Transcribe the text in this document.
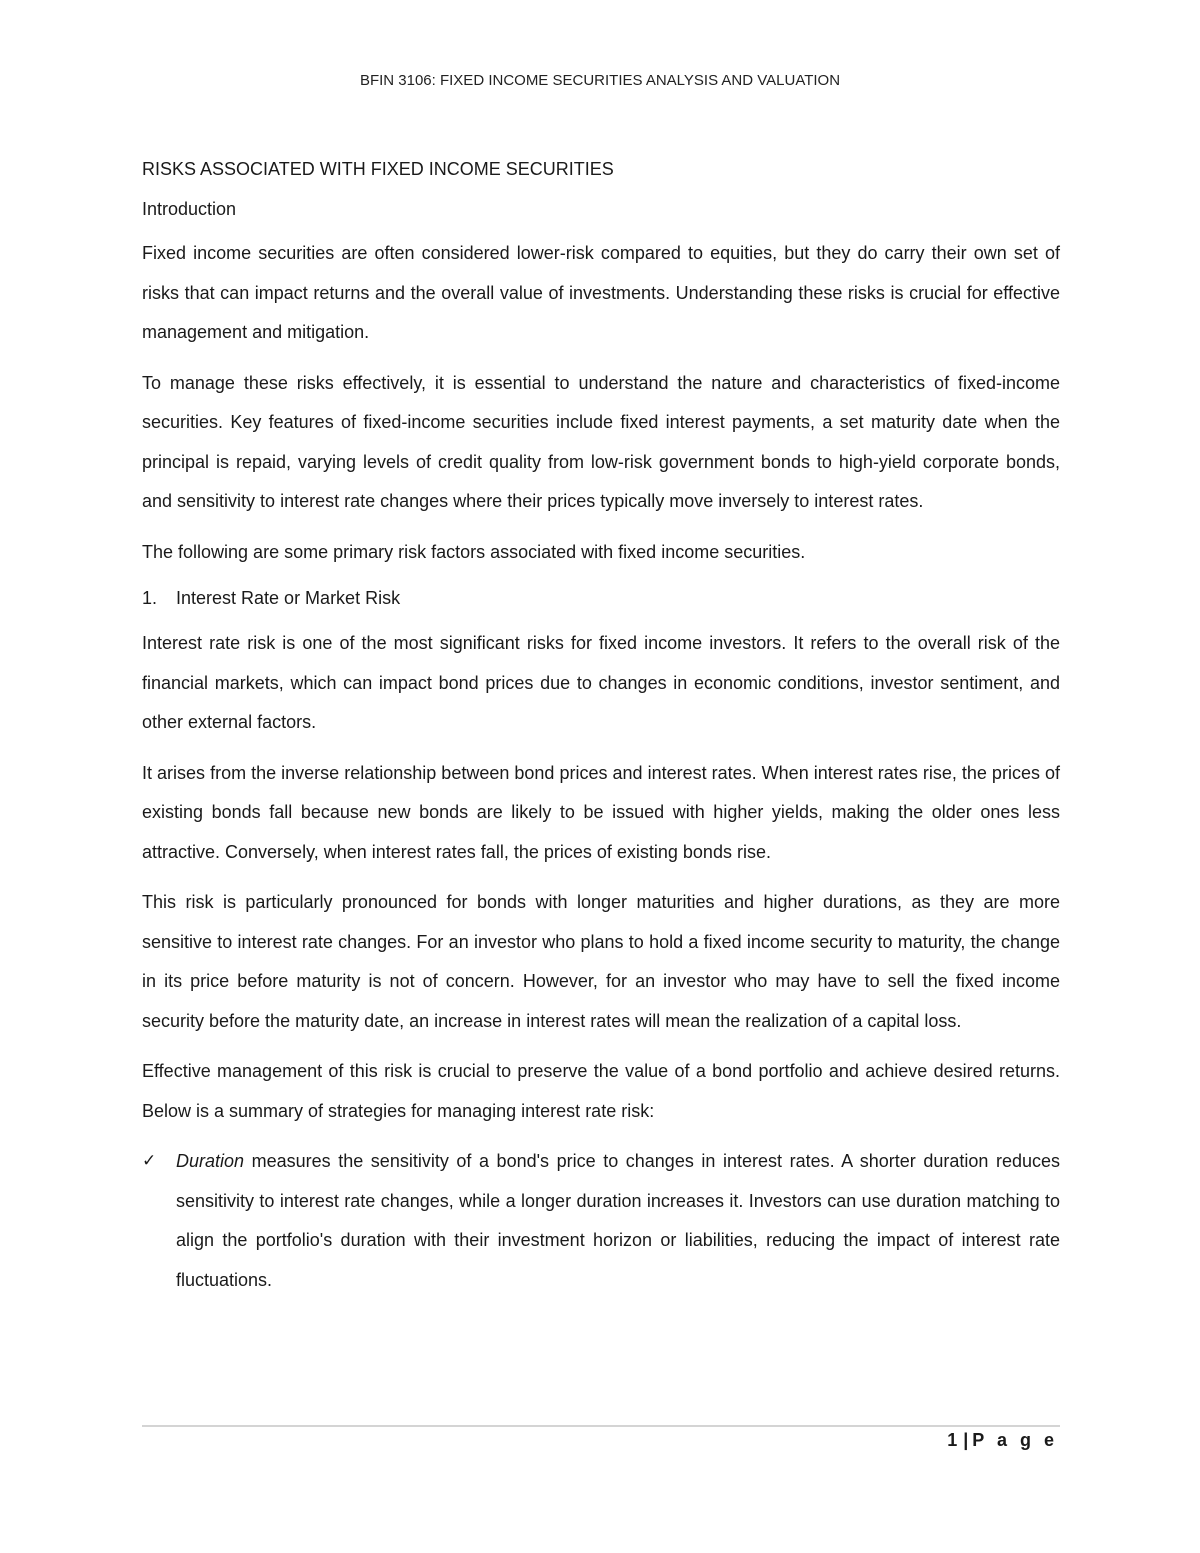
BFIN 3106: FIXED INCOME SECURITIES ANALYSIS AND VALUATION
RISKS ASSOCIATED WITH FIXED INCOME SECURITIES
Introduction

Fixed income securities are often considered lower-risk compared to equities, but they do carry their own set of risks that can impact returns and the overall value of investments. Understanding these risks is crucial for effective management and mitigation.

To manage these risks effectively, it is essential to understand the nature and characteristics of fixed-income securities. Key features of fixed-income securities include fixed interest payments, a set maturity date when the principal is repaid, varying levels of credit quality from low-risk government bonds to high-yield corporate bonds, and sensitivity to interest rate changes where their prices typically move inversely to interest rates.

The following are some primary risk factors associated with fixed income securities.

1.	Interest Rate or Market Risk

Interest rate risk is one of the most significant risks for fixed income investors. It refers to the overall risk of the financial markets, which can impact bond prices due to changes in economic conditions, investor sentiment, and other external factors.

It arises from the inverse relationship between bond prices and interest rates. When interest rates rise, the prices of existing bonds fall because new bonds are likely to be issued with higher yields, making the older ones less attractive. Conversely, when interest rates fall, the prices of existing bonds rise.

This risk is particularly pronounced for bonds with longer maturities and higher durations, as they are more sensitive to interest rate changes. For an investor who plans to hold a fixed income security to maturity, the change in its price before maturity is not of concern. However, for an investor who may have to sell the fixed income security before the maturity date, an increase in interest rates will mean the realization of a capital loss.

Effective management of this risk is crucial to preserve the value of a bond portfolio and achieve desired returns. Below is a summary of strategies for managing interest rate risk:

✓	Duration measures the sensitivity of a bond's price to changes in interest rates. A shorter duration reduces sensitivity to interest rate changes, while a longer duration increases it. Investors can use duration matching to align the portfolio's duration with their investment horizon or liabilities, reducing the impact of interest rate fluctuations.
1 | P a g e
